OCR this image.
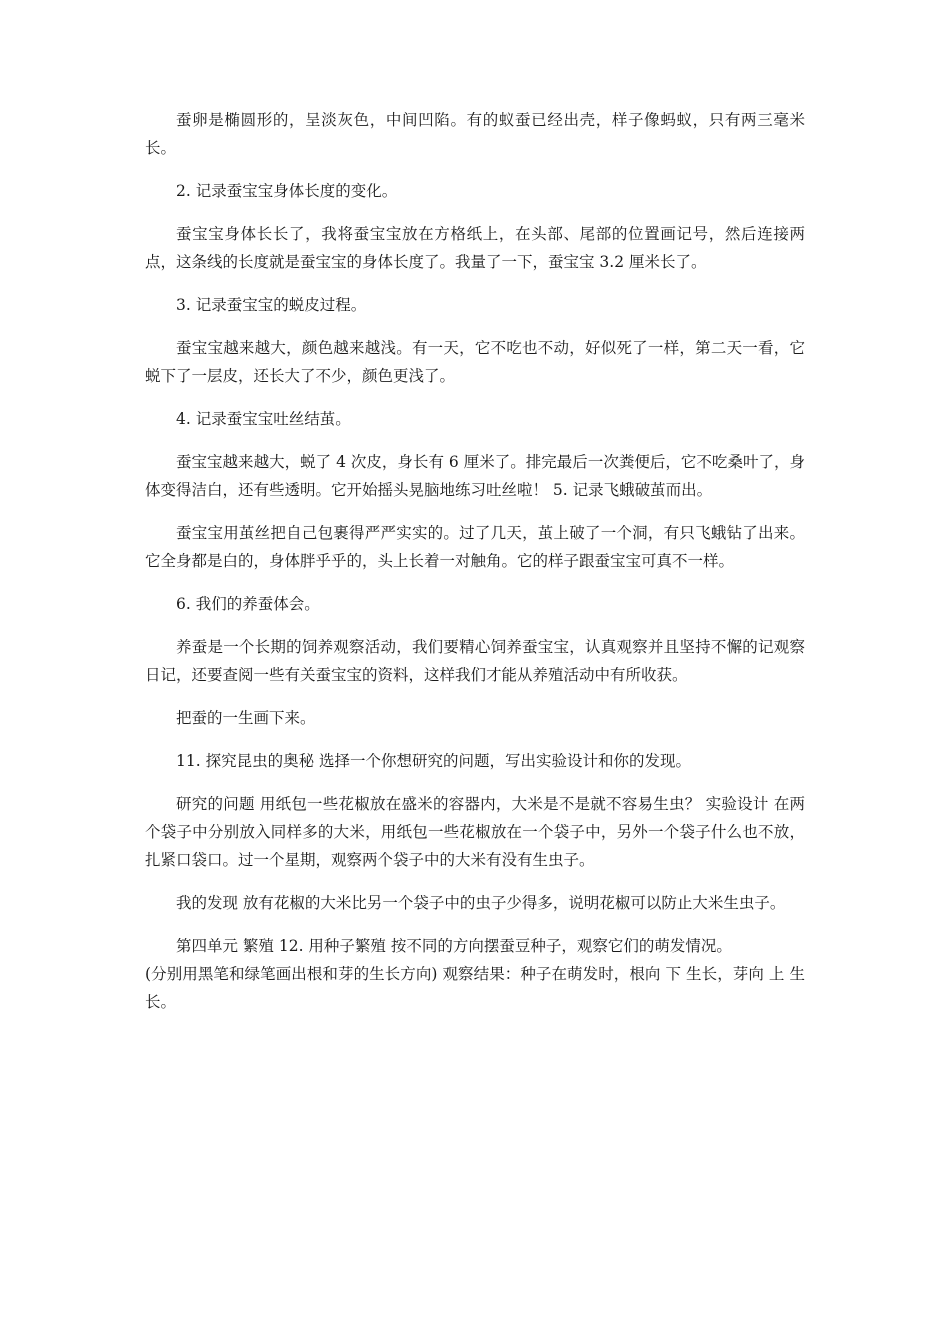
蚕卵是椭圆形的，呈淡灰色，中间凹陷。有的蚁蚕已经出壳，样子像蚂蚁，只有两三毫米长。

2. 记录蚕宝宝身体长度的变化。

蚕宝宝身体长长了，我将蚕宝宝放在方格纸上，在头部、尾部的位置画记号，然后连接两点，这条线的长度就是蚕宝宝的身体长度了。我量了一下，蚕宝宝 3.2 厘米长了。

3. 记录蚕宝宝的蜕皮过程。

蚕宝宝越来越大，颜色越来越浅。有一天，它不吃也不动，好似死了一样，第二天一看，它蜕下了一层皮，还长大了不少，颜色更浅了。

4. 记录蚕宝宝吐丝结茧。

蚕宝宝越来越大，蜕了 4 次皮，身长有 6 厘米了。排完最后一次粪便后，它不吃桑叶了，身体变得洁白，还有些透明。它开始摇头晃脑地练习吐丝啦！ 5. 记录飞蛾破茧而出。

蚕宝宝用茧丝把自己包裹得严严实实的。过了几天，茧上破了一个洞，有只飞蛾钻了出来。它全身都是白的，身体胖乎乎的，头上长着一对触角。它的样子跟蚕宝宝可真不一样。

6. 我们的养蚕体会。

养蚕是一个长期的饲养观察活动，我们要精心饲养蚕宝宝，认真观察并且坚持不懈的记观察日记，还要查阅一些有关蚕宝宝的资料，这样我们才能从养殖活动中有所收获。

把蚕的一生画下来。

11. 探究昆虫的奥秘 选择一个你想研究的问题，写出实验设计和你的发现。

研究的问题 用纸包一些花椒放在盛米的容器内，大米是不是就不容易生虫？ 实验设计 在两个袋子中分别放入同样多的大米，用纸包一些花椒放在一个袋子中，另外一个袋子什么也不放，扎紧口袋口。过一个星期，观察两个袋子中的大米有没有生虫子。

我的发现 放有花椒的大米比另一个袋子中的虫子少得多，说明花椒可以防止大米生虫子。

第四单元 繁殖 12. 用种子繁殖 按不同的方向摆蚕豆种子，观察它们的萌发情况。

(分别用黑笔和绿笔画出根和芽的生长方向) 观察结果：种子在萌发时，根向 下 生长，芽向 上 生长。
